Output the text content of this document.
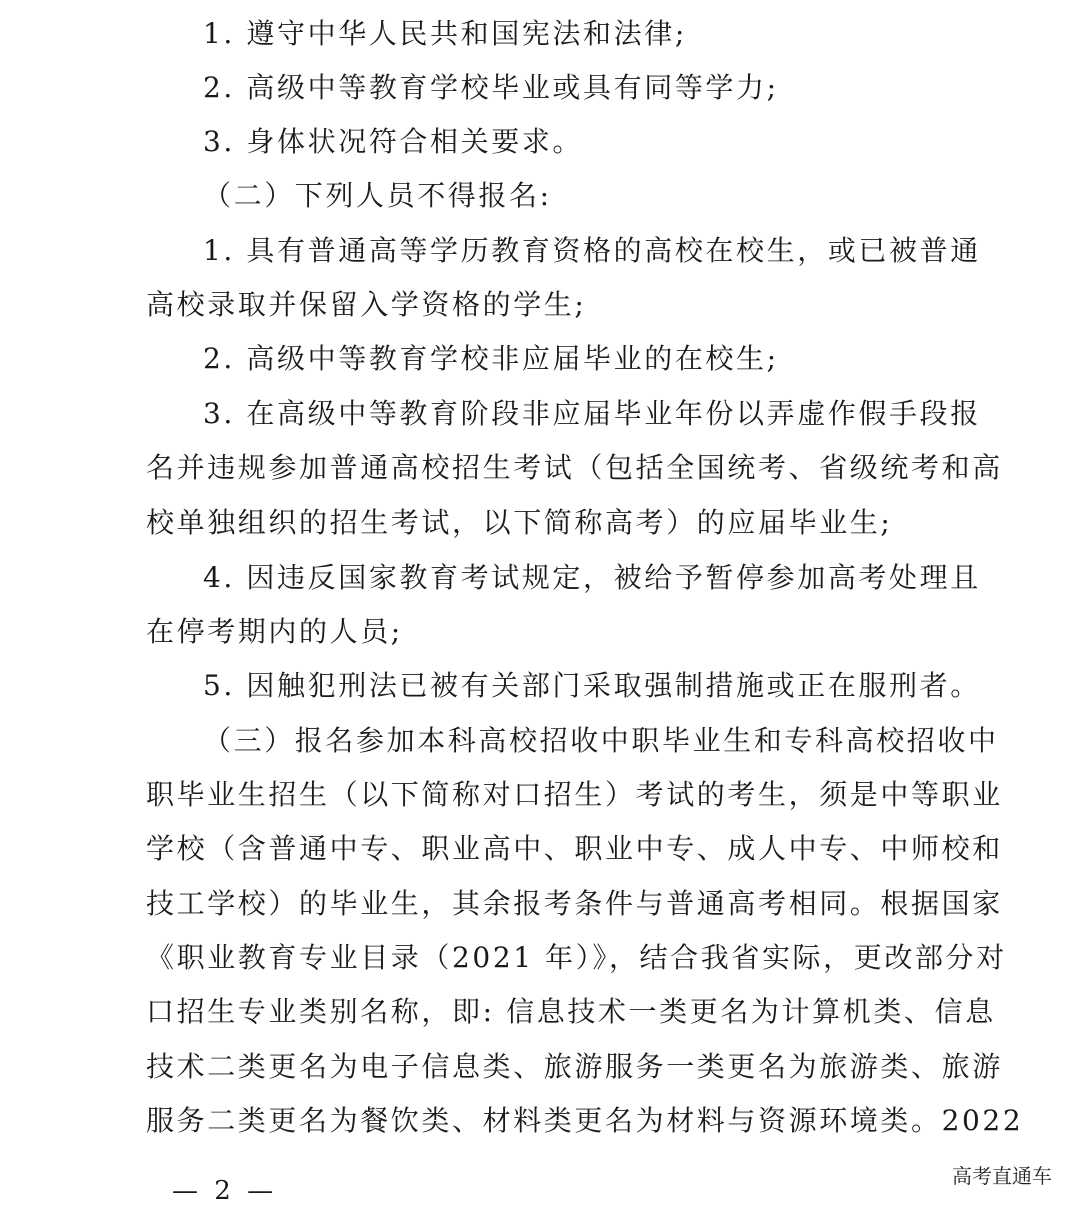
1. 遵守中华人民共和国宪法和法律;
2. 高级中等教育学校毕业或具有同等学力;
3. 身体状况符合相关要求。
（二）下列人员不得报名:
1. 具有普通高等学历教育资格的高校在校生，或已被普通
高校录取并保留入学资格的学生;
2. 高级中等教育学校非应届毕业的在校生;
3. 在高级中等教育阶段非应届毕业年份以弄虚作假手段报
名并违规参加普通高校招生考试（包括全国统考、省级统考和高
校单独组织的招生考试，以下简称高考）的应届毕业生;
4. 因违反国家教育考试规定，被给予暂停参加高考处理且
在停考期内的人员;
5. 因触犯刑法已被有关部门采取强制措施或正在服刑者。
（三）报名参加本科高校招收中职毕业生和专科高校招收中
职毕业生招生（以下简称对口招生）考试的考生，须是中等职业
学校（含普通中专、职业高中、职业中专、成人中专、中师校和
技工学校）的毕业生，其余报考条件与普通高考相同。根据国家
《职业教育专业目录（2021 年）》，结合我省实际，更改部分对
口招生专业类别名称，即: 信息技术一类更名为计算机类、信息
技术二类更名为电子信息类、旅游服务一类更名为旅游类、旅游
服务二类更名为餐饮类、材料类更名为材料与资源环境类。2022
— 2 —	高考直通车
